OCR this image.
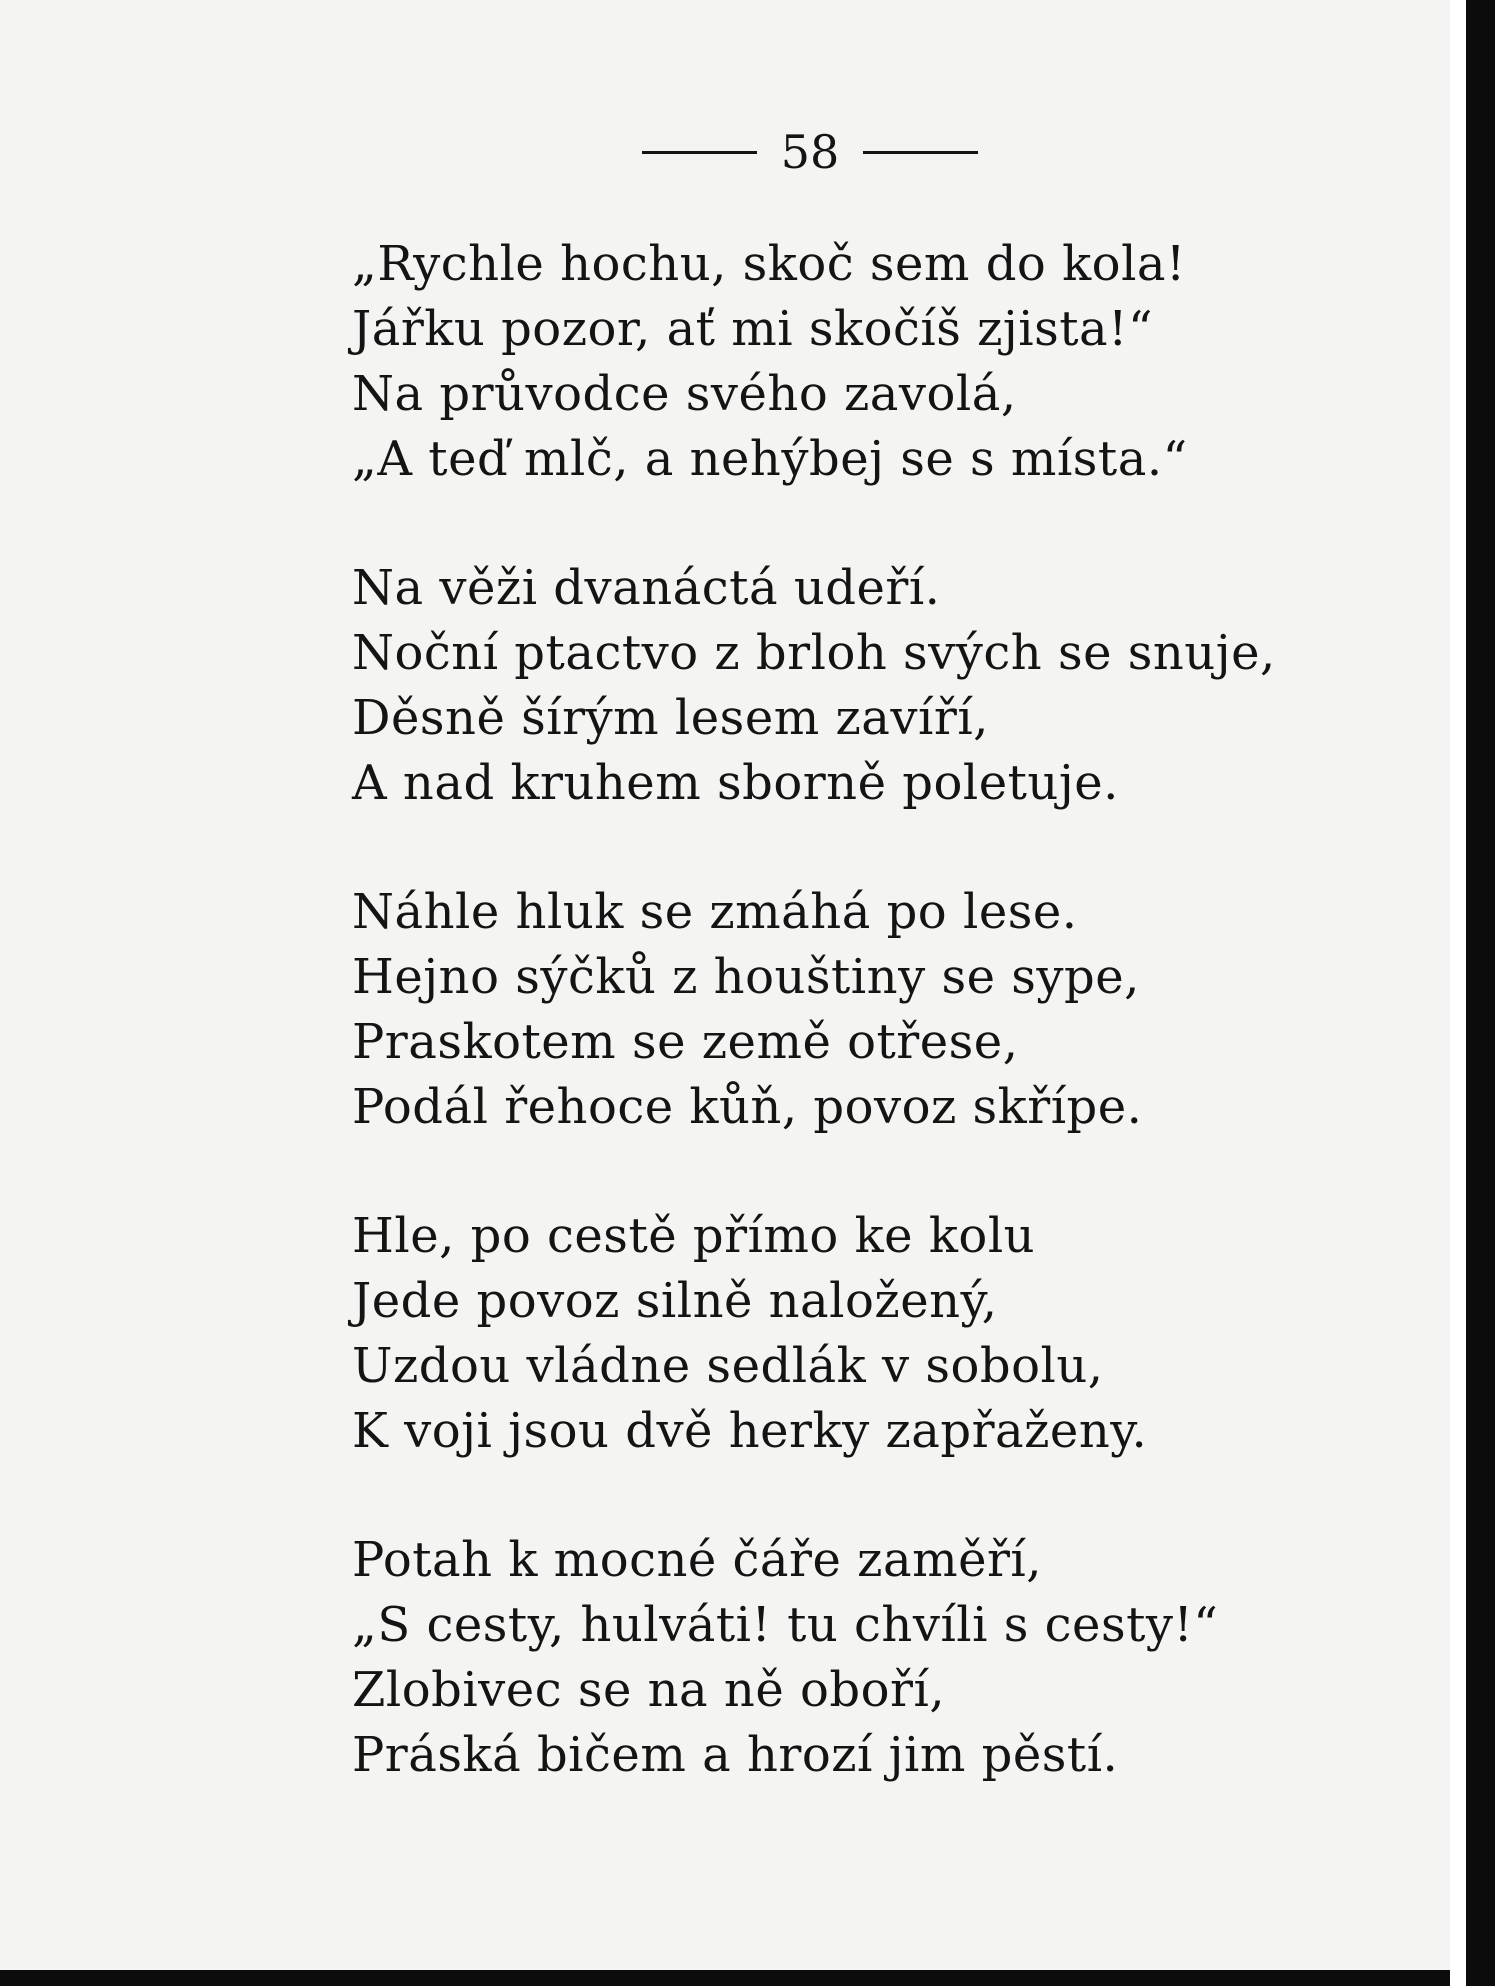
58
„Rychle hochu, skoč sem do kola!
Jářku pozor, ať mi skočíš zjista!“
Na průvodce svého zavolá,
„A teď mlč, a nehýbej se s místa.“
Na věži dvanáctá udeří.
Noční ptactvo z brloh svých se snuje,
Děsně šírým lesem zavíří,
A nad kruhem sborně poletuje.
Náhle hluk se zmáhá po lese.
Hejno sýčků z houštiny se sype,
Praskotem se země otřese,
Podál řehoce kůň, povoz skřípe.
Hle, po cestě přímo ke kolu
Jede povoz silně naložený,
Uzdou vládne sedlák v sobolu,
K voji jsou dvě herky zapřaženy.
Potah k mocné čáře zaměří,
„S cesty, hulváti! tu chvíli s cesty!“
Zlobivec se na ně oboří,
Práská bičem a hrozí jim pěstí.
